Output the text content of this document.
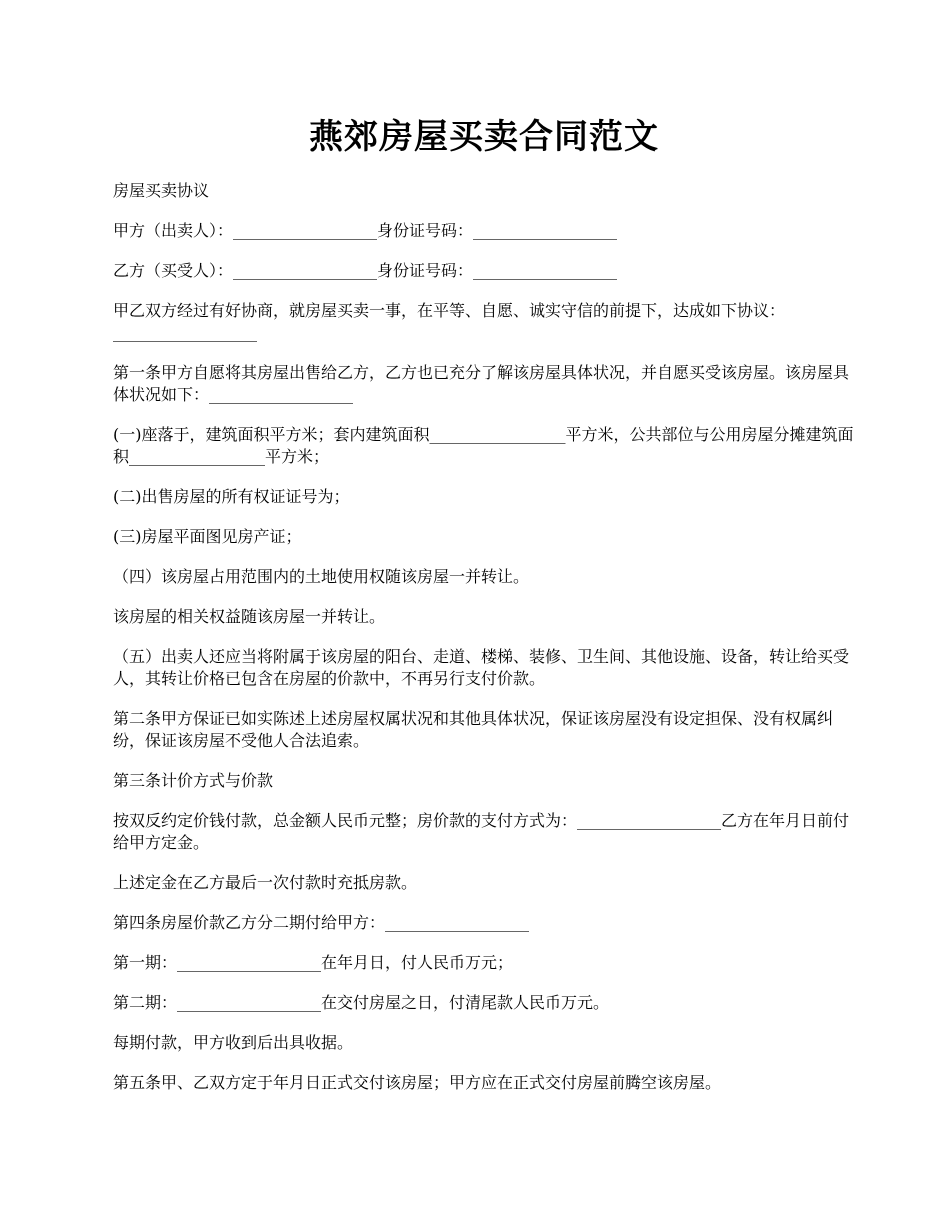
燕郊房屋买卖合同范文

房屋买卖协议

甲方（出卖人）：__________________身份证号码：__________________

乙方（买受人）：__________________身份证号码：__________________

甲乙双方经过有好协商，就房屋买卖一事，在平等、自愿、诚实守信的前提下，达成如下协议：__________________

第一条甲方自愿将其房屋出售给乙方，乙方也已充分了解该房屋具体状况，并自愿买受该房屋。该房屋具体状况如下：__________________

(一)座落于，建筑面积平方米；套内建筑面积_________________平方米，公共部位与公用房屋分摊建筑面积_________________平方米；

(二)出售房屋的所有权证证号为；

(三)房屋平面图见房产证；

（四）该房屋占用范围内的土地使用权随该房屋一并转让。

该房屋的相关权益随该房屋一并转让。

（五）出卖人还应当将附属于该房屋的阳台、走道、楼梯、装修、卫生间、其他设施、设备，转让给买受人，其转让价格已包含在房屋的价款中，不再另行支付价款。

第二条甲方保证已如实陈述上述房屋权属状况和其他具体状况，保证该房屋没有设定担保、没有权属纠纷，保证该房屋不受他人合法追索。

第三条计价方式与价款

按双反约定价钱付款，总金额人民币元整；房价款的支付方式为：__________________乙方在年月日前付给甲方定金。

上述定金在乙方最后一次付款时充抵房款。

第四条房屋价款乙方分二期付给甲方：__________________

第一期：__________________在年月日，付人民币万元；

第二期：__________________在交付房屋之日，付清尾款人民币万元。

每期付款，甲方收到后出具收据。

第五条甲、乙双方定于年月日正式交付该房屋；甲方应在正式交付房屋前腾空该房屋。
